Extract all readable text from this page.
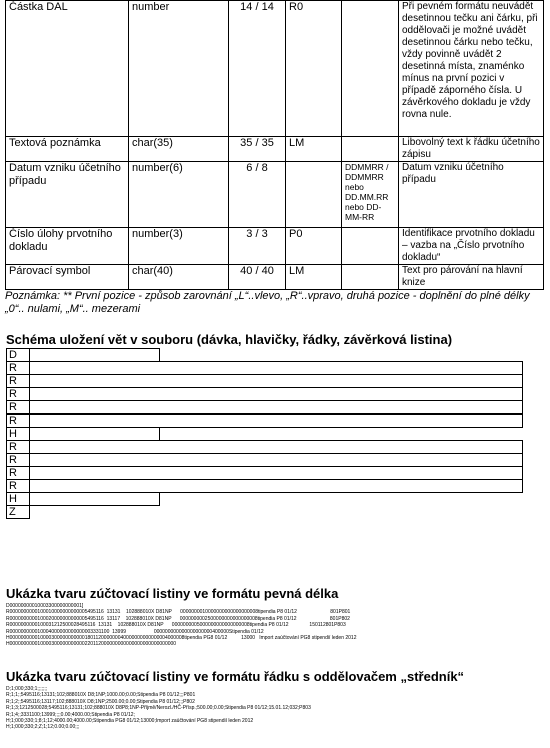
Částka DAL	number	14 / 14	R0		Při pevném formátu neuvádět desetinnou tečku ani čárku, při oddělovači je možné uvádět desetinnou čárku nebo tečku, vždy povinně uvádět 2 desetinná místa, znaménko mínus na první pozici v případě záporného čísla. U závěrkového dokladu je vždy rovna nule.
Textová poznámka	char(35)	35 / 35	LM		Libovolný text k řádku účetního zápisu
Datum vzniku účetního případu	number(6)	6 / 8		DDMMRR / DDMMRR nebo DD.MM.RR nebo DD-MM-RR	Datum vzniku účetního případu
Číslo úlohy prvotního dokladu	number(3)	3 / 3	P0		Identifikace prvotního dokladu – vazba na „Číslo prvotního dokladu“
Párovací symbol	char(40)	40 / 40	LM		Text pro párování na hlavní knize
Poznámka: ** První pozice - způsob zarovnání „L“..vlevo, „R“..vpravo, druhá pozice - doplnění do plné délky „0“.. nulami, „M“.. mezerami
Schéma uložení vět v souboru (dávka, hlavičky, řádky, závěrková listina)
D
R
R
R
R
R
H
R
R
R
R
H
Z
Ukázka tvaru zúčtovací listiny ve formátu pevná délka
D00000000010003300000000001]
R0000000000100010000000000005495116  13131    102888010X D81NP      0000000010000000000000000008tipendia P8 01/12                        801P801
R0000000000100020000000000005495116  13117    102888010X D81NP      0000000002500000000000000008tipendia P8 01/12                        801P802
R0000000000100031212500028495116  13131    102888010X D81NP      0000000005000000000000000008tipendia P8 01/12               150112801P803
R000000000010004000000000000003331100  13999                    000000000000000000000400000Stipendia 01/12
H000000000010000300000000000180112000000040000000000000004000008tipendia PG8 01/12          13000   Import zaúčtování PG8 stipendií leden 2012
H000000000010000300000000000220112000000000000000000000000000
Ukázka tvaru zúčtovací listiny ve formátu řádku s oddělovačem „středník“
D;1;000;330;1;;;;;;;
R;1;1;;5495116;13131;102;888010X D8;1NP;1000.00;0.00;Stipendia P8 01/12;;;P801
R;1;2;;5495116;13117;102;888010X D8;1NP;2500.00;0.00;Stipendia P8 01/12;;;P802
R;1;3;1212500028;5495116;13131;102;888010X D8P8;1NP-Příjmě/Nerozl./HČ-Přísp.;500.00;0.00;Stipendia P8 01/12;15.01.12;032;P803
R;1;4;;3331100;13999;;;;0.00;4000.00;Stipendia P8 01/12;
H;1;000;330;1;8;1;12;4000.00;4000.00;Stipendia PG8 01/12;13000;Import zaúčtování PG8 stipendií leden 2012
H;1;000;330;2;Z;1;12;0.00;0.00;;;
